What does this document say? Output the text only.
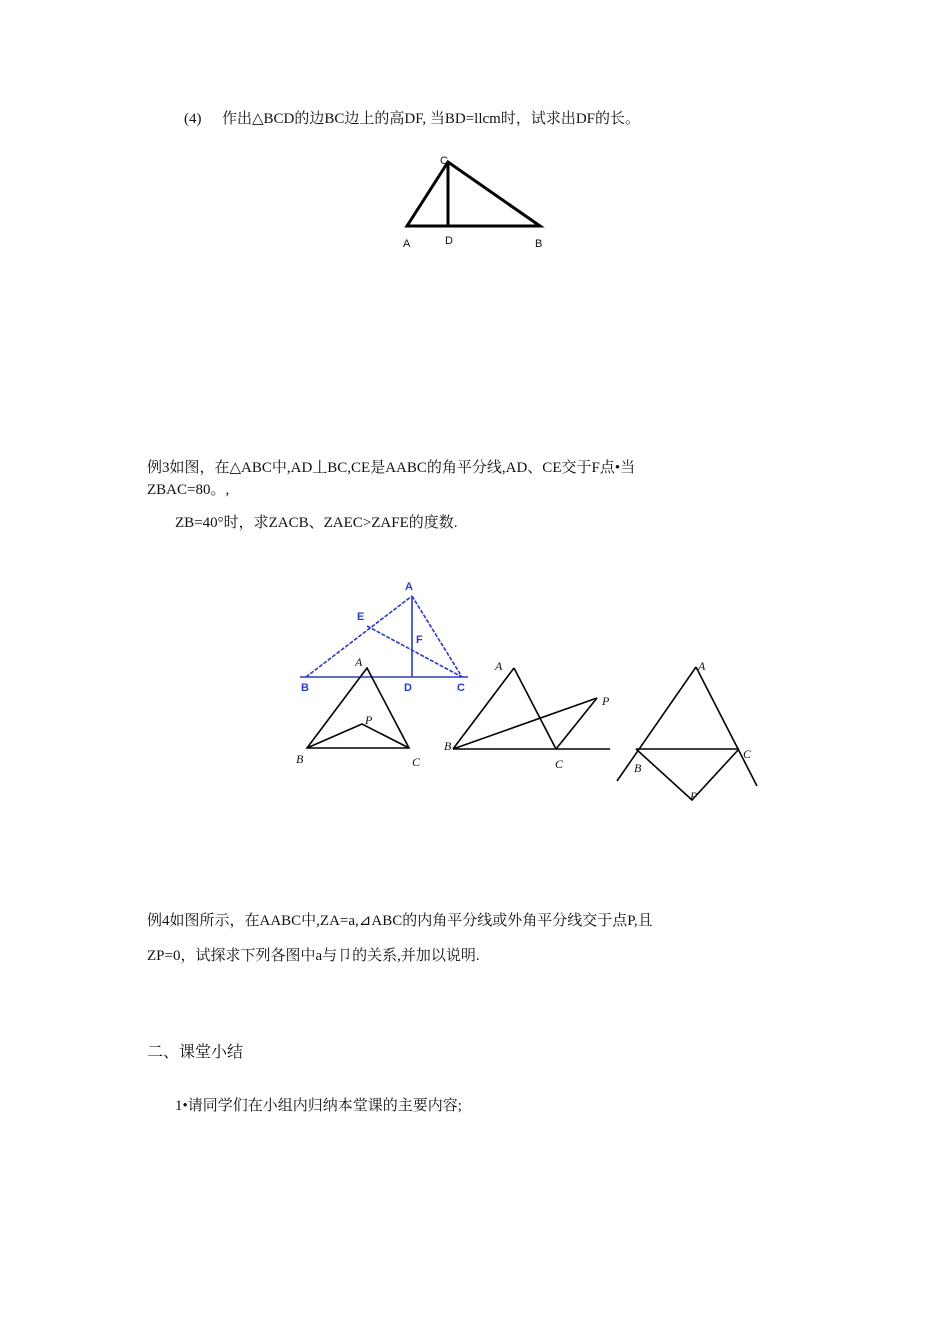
(4) 作出△BCD的边BC边上的高DF, 当BD=llcm时，试求出DF的长。
C
A	D	B
例3如图，在△ABC中,AD丄BC,CE是AABC的角平分线,AD、CE交于F点•当
ZBAC=80。,
ZB=40°时，求ZACB、ZAEC>ZAFE的度数.
A
E
F
B	D	C
A
P
B	C
A
P
B
C
A
B
C
P
例4如图所示，在AABC中,ZA=a,⊿ABC的内角平分线或外角平分线交于点P,且
ZP=0，试探求下列各图中a与卩的关系,并加以说明.
二、课堂小结
1•请同学们在小组内归纳本堂课的主要内容;
